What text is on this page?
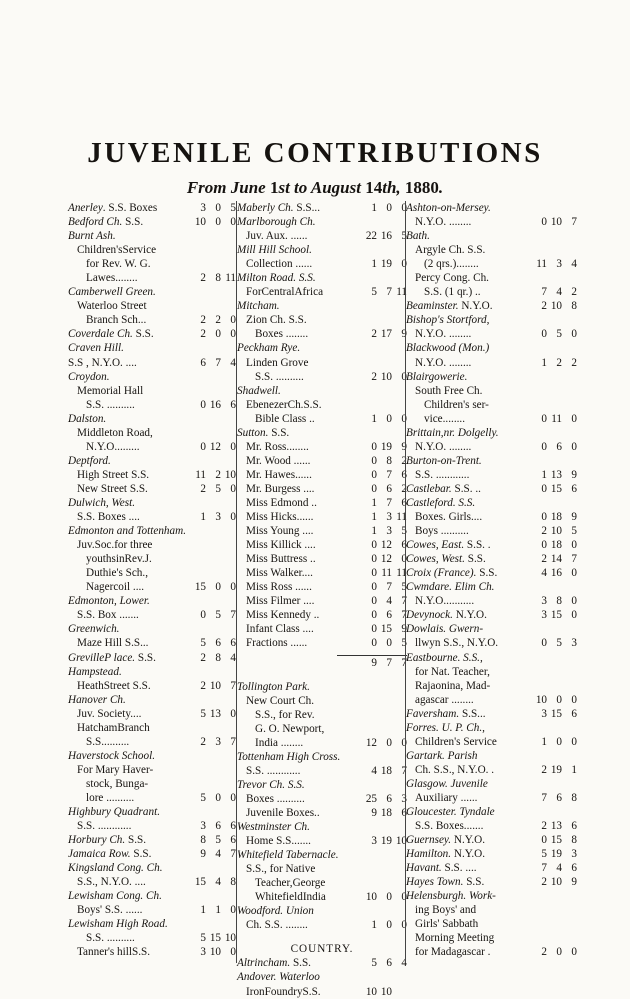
JUVENILE CONTRIBUTIONS
From June 1st to August 14th, 1880.
Anerley. S.S. Boxes	3 0 5
Bedford Ch. S.S.	10 0 0
Burnt Ash.
Children'sService
for Rev. W. G.
Lawes........	2 8 11
Camberwell Green.
Waterloo Street
Branch Sch...	2 2 0
Coverdale Ch. S.S.	2 0 0
Craven Hill.
S.S , N.Y.O. ....	6 7 4
Croydon.
Memorial Hall
S.S. ..........	0 16 6
Dalston.
Middleton Road,
N.Y.O.........	0 12 0
Deptford.
High Street S.S.	11 2 10
New Street S.S.	2 5 0
Dulwich, West.
S.S. Boxes ....	1 3 0
Edmonton and Tottenham.
Juv.Soc.for three
youthsinRev.J.
Duthie's Sch.,
Nagercoil ....	15 0 0
Edmonton, Lower.
S.S. Box .......	0 5 7
Greenwich.
Maze Hill S.S...	5 6 6
GrevilleP lace. S.S.	2 8 4
Hampstead.
HeathStreet S.S.	2 10 7
Hanover Ch.
Juv. Society....	5 13 0
HatchamBranch
S.S..........	2 3 7
Haverstock School.
For Mary Haver-
stock, Bunga-
lore ..........	5 0 0
Highbury Quadrant.
S.S. ............	3 6 6
Horbury Ch. S.S.	8 5 6
Jamaica Row. S.S.	9 4 7
Kingsland Cong. Ch.
S.S., N.Y.O. ....	15 4 8
Lewisham Cong. Ch.
Boys' S.S. ......	1 1 0
Lewisham High Road.
S.S. ..........	5 15 10
Tanner's hillS.S.	3 10 0
Maberly Ch. S.S...	1 0 0
Marlborough Ch.
Juv. Aux. ......	22 16 5
Mill Hill School.
Collection ......	1 19 0
Milton Road. S.S.
ForCentralAfrica	5 7 11
Mitcham.
Zion Ch. S.S.
Boxes ........	2 17 9
Peckham Rye.
Linden Grove
S.S. ..........	2 10 0
Shadwell.
EbenezerCh.S.S.
Bible Class ..	1 0 0
Sutton. S.S.
Mr. Ross........	0 19 9
Mr. Wood ......	0 8 2
Mr. Hawes......	0 7 6
Mr. Burgess ....	0 6 2
Miss Edmond ..	1 7 6
Miss Hicks......	1 3 11
Miss Young ....	1 3 5
Miss Killick ....	0 12 6
Miss Buttress ..	0 12 0
Miss Walker....	0 11 11
Miss Ross ......	0 7 5
Miss Filmer ....	0 4 7
Miss Kennedy ..	0 6 7
Infant Class ....	0 15 9
Fractions ......	0 0 5
9 7 7
Tollington Park.
New Court Ch.
S.S., for Rev.
G. O. Newport,
India ........	12 0 0
Tottenham High Cross.
S.S. ............	4 18 7
Trevor Ch. S.S.
Boxes ..........	25 6 3
Juvenile Boxes..	9 18 6
Westminster Ch.
Home S.S.......	3 19 10
Whitefield Tabernacle.
S.S., for Native
Teacher,George
WhitefieldIndia	10 0 0
Woodford. Union
Ch. S.S. ........	1 0 0
COUNTRY.
Altrincham. S.S.	5 6 4
Andover. Waterloo
IronFoundryS.S.	10 10
Ashton-on-Mersey.
N.Y.O. ........	0 10 7
Bath.
Argyle Ch. S.S.
(2 qrs.)........	11 3 4
Percy Cong. Ch.
S.S. (1 qr.) ..	7 4 2
Beaminster. N.Y.O.	2 10 8
Bishop's Stortford,
N.Y.O. ........	0 5 0
Blackwood (Mon.)
N.Y.O. ........	1 2 2
Blairgowerie.
South Free Ch.
Children's ser-
vice........	0 11 0
Brittain,nr. Dolgelly.
N.Y.O. ........	0 6 0
Burton-on-Trent.
S.S. ............	1 13 9
Castlebar. S.S. ..	0 15 6
Castleford. S.S.
Boxes. Girls....	0 18 9
Boys ..........	2 10 5
Cowes, East. S.S. .	0 18 0
Cowes, West. S.S.	2 14 7
Croix (France). S.S.	4 16 0
Cwmdare. Elim Ch.
N.Y.O...........	3 8 0
Devynock. N.Y.O.	3 15 0
Dowlais. Gwern-
llwyn S.S., N.Y.O.	0 5 3
Eastbourne. S.S.,
for Nat. Teacher,
Rajaonina, Mad-
agascar ........	10 0 0
Faversham. S.S...	3 15 6
Forres. U. P. Ch.,
Children's Service	1 0 0
Gartark. Parish
Ch. S.S., N.Y.O. .	2 19 1
Glasgow. Juvenile
Auxiliary ......	7 6 8
Gloucester. Tyndale
S.S. Boxes.......	2 13 6
Guernsey. N.Y.O.	0 15 8
Hamilton. N.Y.O.	5 19 3
Havant. S.S. ....	7 4 6
Hayes Town. S.S.	2 10 9
Helensburgh. Work-
ing Boys' and
Girls' Sabbath
Morning Meeting
for Madagascar .	2 0 0
